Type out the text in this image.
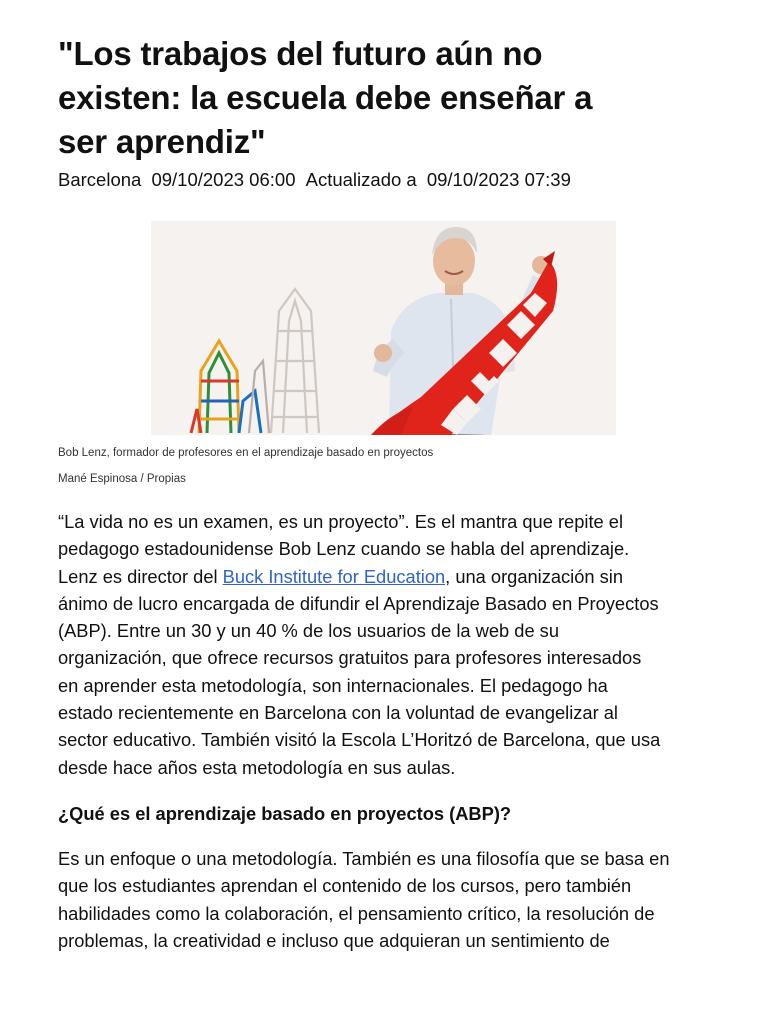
"Los trabajos del futuro aún no
existen: la escuela debe enseñar a
ser aprendiz"
Barcelona 09/10/2023 06:00 Actualizado a 09/10/2023 07:39
Bob Lenz, formador de profesores en el aprendizaje basado en proyectos
Mané Espinosa / Propias

“La vida no es un examen, es un proyecto”. Es el mantra que repite el
pedagogo estadounidense Bob Lenz cuando se habla del aprendizaje.
Lenz es director del Buck Institute for Education, una organización sin
ánimo de lucro encargada de difundir el Aprendizaje Basado en Proyectos
(ABP). Entre un 30 y un 40 % de los usuarios de la web de su
organización, que ofrece recursos gratuitos para profesores interesados
en aprender esta metodología, son internacionales. El pedagogo ha
estado recientemente en Barcelona con la voluntad de evangelizar al
sector educativo. También visitó la Escola L’Horitzó de Barcelona, que usa
desde hace años esta metodología en sus aulas.

¿Qué es el aprendizaje basado en proyectos (ABP)?

Es un enfoque o una metodología. También es una filosofía que se basa en
que los estudiantes aprendan el contenido de los cursos, pero también
habilidades como la colaboración, el pensamiento crítico, la resolución de
problemas, la creatividad e incluso que adquieran un sentimiento de
